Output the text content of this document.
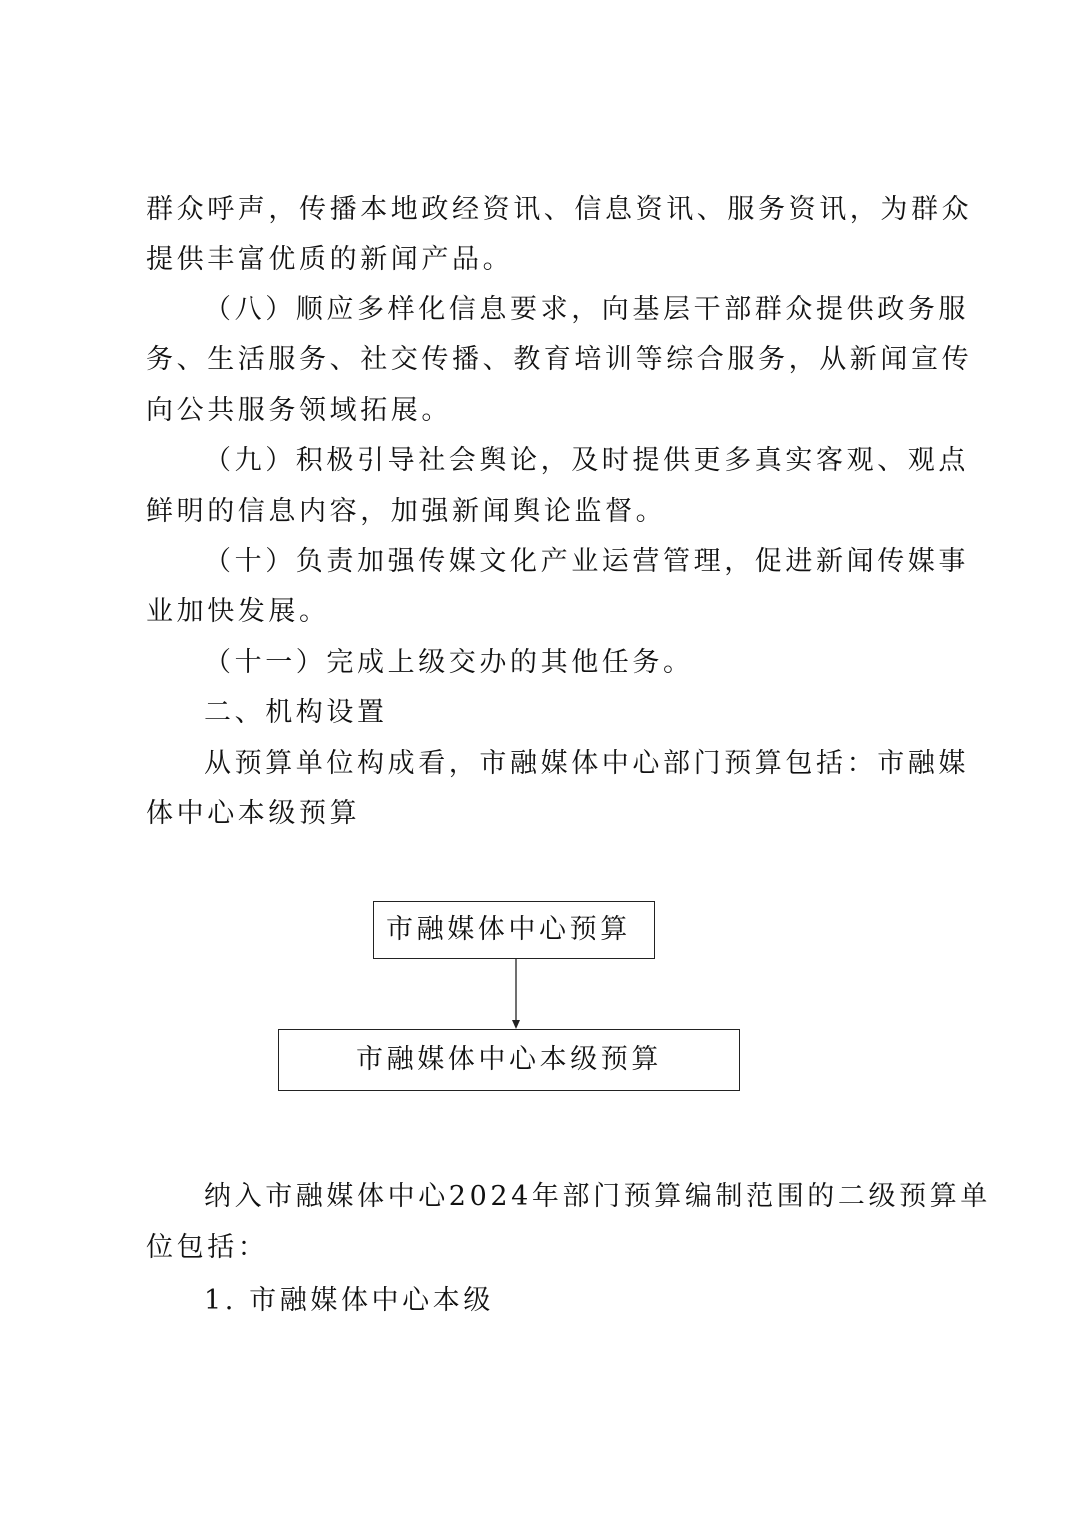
群众呼声，传播本地政经资讯、信息资讯、服务资讯，为群众
提供丰富优质的新闻产品。
（八）顺应多样化信息要求，向基层干部群众提供政务服
务、生活服务、社交传播、教育培训等综合服务，从新闻宣传
向公共服务领域拓展。
（九）积极引导社会舆论，及时提供更多真实客观、观点
鲜明的信息内容，加强新闻舆论监督。
（十）负责加强传媒文化产业运营管理，促进新闻传媒事
业加快发展。
（十一）完成上级交办的其他任务。
二、机构设置
从预算单位构成看，市融媒体中心部门预算包括：市融媒
体中心本级预算
市融媒体中心预算
市融媒体中心本级预算
纳入市融媒体中心2024年部门预算编制范围的二级预算单
位包括：
1. 市融媒体中心本级
